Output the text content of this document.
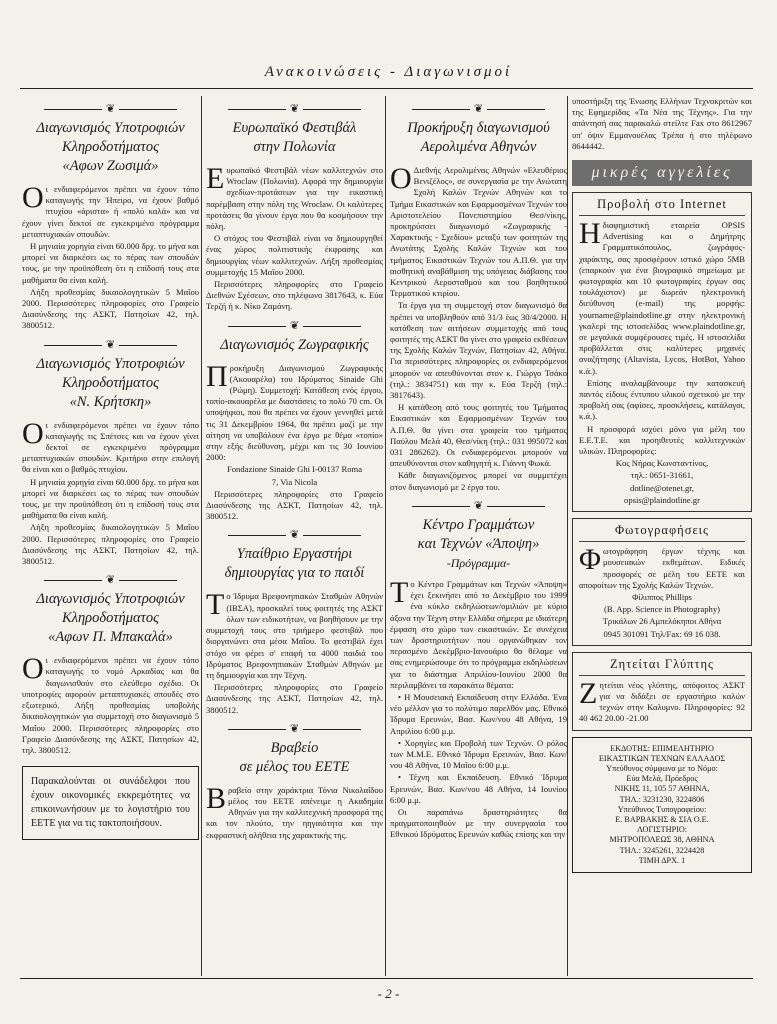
Ανακοινώσεις - Διαγωνισμοί
❦
Διαγωνισμός Υποτροφιών
Κληροδοτήματος
«Αφων Ζωσιμά»

Οι ενδιαφερόμενοι πρέπει να έχουν τόπο καταγωγής την Ήπειρο, να έχουν βαθμό πτυχίου «άριστα» ή «πολύ καλά» και να έχουν γίνει δεκτοί σε εγκεκριμένο πρόγραμμα μεταπτυχιακών σπουδών.

Η μηνιαία χορηγία είναι 60.000 δρχ. το μήνα και μπορεί να διαρκέσει ως το πέρας των σπουδών τους, με την προϋπόθεση ότι η επίδοσή τους στα μαθήματα θα είναι καλή.

Λήξη προθεσμίας δικαιολογητικών 5 Μαΐου 2000. Περισσότερες πληροφορίες στο Γραφείο Διασύνδεσης της ΑΣΚΤ, Πατησίων 42, τηλ. 3800512.

❦
Διαγωνισμός Υποτροφιών
Κληροδοτήματος
«Ν. Κρήτσκη»

Οι ενδιαφερόμενοι πρέπει να έχουν τόπο καταγωγής τις Σπέτσες και να έχουν γίνει δεκτοί σε εγκεκριμένο πρόγραμμα μεταπτυχιακών σπουδών. Κριτήριο στην επιλογή θα είναι και ο βαθμός πτυχίου.

Η μηνιαία χορηγία είναι 60.000 δρχ. το μήνα και μπορεί να διαρκέσει ως το πέρας των σπουδών τους, με την προϋπόθεση ότι η επίδοσή τους στα μαθήματα θα είναι καλή.

Λήξη προθεσμίας δικαιολογητικών 5 Μαΐου 2000. Περισσότερες πληροφορίες στο Γραφείο Διασύνδεσης της ΑΣΚΤ, Πατησίων 42, τηλ. 3800512.

❦
Διαγωνισμός Υποτροφιών
Κληροδοτήματος
«Αφων Π. Μπακαλά»

Οι ενδιαφερόμενοι πρέπει να έχουν τόπο καταγωγής το νομό Αρκαδίας και θα διαγωνισθούν στο ελεύθερο σχέδιο. Οι υποτροφίες αφορούν μεταπτυχιακές σπουδές στο εξωτερικό. Λήξη προθεσμίας υποβολής δικαιολογητικών για συμμετοχή στο διαγωνισμό 5 Μαΐου 2000. Περισσότερες πληροφορίες στο Γραφείο Διασύνδεσης της ΑΣΚΤ, Πατησίων 42, τηλ. 3800512.

Παρακαλούνται οι συνάδελφοι που έχουν οικονομικές εκκρεμότητες να επικοινωνήσουν με το λογιστήριο του ΕΕΤΕ για να τις τακτοποιήσουν.
❦
Ευρωπαϊκό Φεστιβάλ
στην Πολωνία

Ευρωπαϊκό Φεστιβάλ νέων καλλιτεχνών στο Wroclaw (Πολωνία). Αφορά την δημιουργία σχεδίων-προτάσεων για την εικαστική παρέμβαση στην πόλη της Wroclaw. Οι καλύτερες προτάσεις θα γίνουν έργα που θα κοσμήσουν την πόλη.

Ο στόχος του Φεστιβάλ είναι να δημιουργηθεί ένας χώρος πολιτιστικής έκφρασης και δημιουργίας νέων καλλιτεχνών. Λήξη προθεσμίας συμμετοχής 15 Μαΐου 2000.

Περισσότερες πληροφορίες στο Γραφείο Διεθνών Σχέσεων, στο τηλέφωνο 3817643, κ. Εύα Τερζή ή κ. Νίκο Ζαμάνη.

❦
Διαγωνισμός Ζωγραφικής

Προκήρυξη Διαγωνισμού Ζωγραφικής (Ακουαρέλα) του Ιδρύματος Sinaide Ghi (Ρώμη). Συμμετοχή: Κατάθεση ενός έργου, τοπίο-ακουαρέλα με διαστάσεις το πολύ 70 cm. Οι υποψήφιοι, που θα πρέπει να έχουν γεννηθεί μετά τις 31 Δεκεμβρίου 1964, θα πρέπει μαζί με την αίτηση να υποβάλουν ένα έργο με θέμα «τοπίο» στην εξής διεύθυνση, μέχρι και τις 30 Ιουνίου 2000:

Fondazione Sinaide Ghi I-00137 Roma

7, Via Nicola

Περισσότερες πληροφορίες στο Γραφείο Διασύνδεσης της ΑΣΚΤ, Πατησίων 42, τηλ. 3800512.

❦
Υπαίθριο Εργαστήρι
δημιουργίας για το παιδί

Το Ίδρυμα Βρεφονηπιακών Σταθμών Αθηνών (ΙΒΣΑ), προσκαλεί τους φοιτητές της ΑΣΚΤ όλων των ειδικοτήτων, να βοηθήσουν με την συμμετοχή τους στο τριήμερο φεστιβάλ που διοργανώνει στα μέσα Μαΐου. Το φεστιβάλ έχει στόχο να φέρει σ' επαφή τα 4000 παιδιά του Ιδρύματος Βρεφονηπιακών Σταθμών Αθηνών με τη δημιουργία και την Τέχνη.

Περισσότερες πληροφορίες στο Γραφείο Διασύνδεσης της ΑΣΚΤ, Πατησίων 42, τηλ. 3800512.

❦
Βραβείο
σε μέλος του ΕΕΤΕ

Βραβείο στην χαράκτρια Τόνια Νικολαΐδου μέλος του ΕΕΤΕ απένειμε η Ακαδημία Αθηνών για την καλλιτεχνική προσφορά της και τον πλούτο, την ηηγαιότητα και την εκφραστική αλήθεια της χαρακτικής της.

❦
Προκήρυξη διαγωνισμού
Αερολιμένα Αθηνών

Ο Διεθνής Αερολιμένας Αθηνών «Ελευθέριος Βενιζέλος», σε συνεργασία με την Ανώτατη Σχολή Καλών Τεχνών Αθηνών και το Τμήμα Εικαστικών και Εφαρμοσμένων Τεχνών του Αριστοτελείου Πανεπιστημίου Θεσ/νίκης, προκηρύσσει διαγωνισμό «Ζωγραφικής - Χαρακτικής - Σχεδίου» μεταξύ των φοιτητών της Ανωτάτης Σχολής Καλών Τεχνών και του τμήματος Εικαστικών Τεχνών του Α.Π.Θ. για την αισθητική αναβάθμιση της υπόγειας διάβασης του Κεντρικού Αεροσταθμού και του βοηθητικού Τερματικού κτιρίου.

Τα έργα για τη συμμετοχή στον διαγωνισμό θα πρέπει να υποβληθούν από 31/3 έως 30/4/2000. Η κατάθεση των αιτήσεων συμμετοχής από τους φοιτητές της ΑΣΚΤ θα γίνει στο γραφείο εκθέσεων της Σχολής Καλών Τεχνών, Πατησίων 42, Αθήνα. Για περισσότερες πληροφορίες οι ενδιαφερόμενοι μπορούν να απευθύνονται στον κ. Γιώργο Τσάκο (τηλ.: 3834751) και την κ. Εύα Τερζή (τηλ.: 3817643).

Η κατάθεση από τους φοιτητές του Τμήματος Εικαστικών και Εφαρμοσμένων Τεχνών του Α.Π.Θ. θα γίνει στα γραφεία του τμήματος Παύλου Μελά 40, Θεσ/νίκη (τηλ.: 031 995072 και 031 286262). Οι ενδιαφερόμενοι μπορούν να απευθύνονται στον καθηγητή κ. Γιάννη Φωκά.

Κάθε διαγωνιζόμενος μπορεί να συμμετέχει στον διαγωνισμό με 2 έργα του.

❦
Κέντρο Γραμμάτων
και Τεχνών «Άποψη»
-Πρόγραμμα-

Το Κέντρο Γραμμάτων και Τεχνών «Άποψη» έχει ξεκινήσει από το Δεκέμβριο του 1999 ένα κύκλο εκδηλώσεων/ομιλιών με κύριο άξονα την Τέχνη στην Ελλάδα σήμερα με ιδιαίτερη έμφαση στο χώρο των εικαστικών. Σε συνέχεια των δραστηριοτήτων που οργανώθηκαν τον περασμένο Δεκέμβριο-Ιανουάριο θα θέλαμε να σας ενημερώσουμε ότι το πρόγραμμα εκδηλώσεων για το διάστημα Απριλίου-Ιουνίου 2000 θα περιλαμβάνει τα παρακάτω θέματα:

• Η Μουσειακή Εκπαίδευση στην Ελλάδα. Ένα νέο μέλλον για το πολύτιμο παρελθόν μας. Εθνικό Ίδρυμα Ερευνών, Βασ. Κων/νου 48 Αθήνα, 19 Απριλίου 6:00 μ.μ.

• Χορηγίες και Προβολή των Τεχνών. Ο ρόλος των Μ.Μ.Ε. Εθνικό Ίδρυμα Ερευνών, Βασ. Κων/νου 48 Αθήνα, 10 Μαΐου 6:00 μ.μ.

• Τέχνη και Εκπαίδευση. Εθνικό Ίδρυμα Ερευνών, Βασ. Κων/νου 48 Αθήνα, 14 Ιουνίου 6:00 μ.μ.

Οι παραπάνω δραστηριότητες θα πραγματοποιηθούν με την συνεργασία του Εθνικού Ιδρύματος Ερευνών καθώς επίσης και την

υποστήριξη της Ένωσης Ελλήνων Τεχνοκριτών και της Εφημερίδας «Τα Νέα της Τέχνης». Για την απάντησή σας παρακαλώ στείλτε Fax στο 8612967 υπ' όψιν Εμμανουέλας Τρέπα ή στο τηλέφωνο 8644442.

μικρές αγγελίες
Προβολή στο Internet

Ηδιαφημιστική εταιρεία OPSIS Advertising και ο Δημήτρης Γραμματικόπουλος, ζωγράφος-χαράκτης, σας προσφέρουν ιστικό χώρο 5MB (επαρκούν για ένα βιογραφικό σημείωμα με φωτογραφία και 10 φωτογραφίες έργων σας τουλάχιστον) με δωρεάν ηλεκτρονική διεύθυνση (e-mail) της μορφής: yourname@plaindotline.gr στην ηλεκτρονική γκαλερί της ιστοσελίδας www.plaindotline.gr, σε μεγαλικά συμφέρουσες τιμές. Η ιστοσελίδα προβάλλεται στις καλύτερες μηχανές αναζήτησης (Altavista, Lycos, HotBot, Yahoo κ.ά.).

Επίσης αναλαμβάνουμε την κατασκευή παντός είδους έντυπου υλικού σχετικού με την προβολή σας (αφίσες, προσκλήσεις, κατάλογοι, κ.ά.).

Η προσφορά ισχύει μόνο για μέλη του Ε.Ε.Τ.Ε. και προηιθευτές καλλιτεχνικών υλικών. Πληροφορίες:

Κος Νήρας Κωνσταντίνος,

τηλ.: 0651-31661,

dotline@otenet.gr,

opsis@plaindotline.gr

Φωτογραφήσεις

Φωτογράφηση έργων τέχνης και μουσειακών εκθεμάτων. Ειδικές προσφορές σε μέλη του ΕΕΤΕ και αποφοίτων της Σχολής Καλών Τεχνών.

Φίλιππος Phillips

(B. App. Science in Photography)

Τρικάλων 26 Αμπελόκηποι Αθήνα

0945 301091 Τηλ/Fax: 69 16 038.

Ζητείται Γλύπτης

Ζητείται νέος γλύπτης, απόφοιτος ΑΣΚΤ για να διδάξει σε εργαστήριο καλών τεχνών στην Καλυμνο. Πληροφορίες: 92 40 462 20.00 -21.00

ΕΚΔΟΤΗΣ: ΕΠΙΜΕΛΗΤΗΡΙΟ
ΕΙΚΑΣΤΙΚΩΝ ΤΕΧΝΩΝ ΕΛΛΑΔΟΣ
Υπεύθυνος σύμφωνα με το Νόμο:
Εύα Μελά, Πρόεδρος
ΝΙΚΗΣ 11, 105 57 ΑΘΗΝΑ,
ΤΗΛ.: 3231230, 3224806
Υπεύθυνος Τυπογραφείου:
Ε. ΒΑΡΒΑΚΗΣ & ΣΙΑ Ο.Ε.
ΛΟΓΙΣΤΗΡΙΟ:
ΜΗΤΡΟΠΟΛΕΩΣ 38, ΑΘΗΝΑ
ΤΗΛ.: 3245261, 3224428
ΤΙΜΗ ΔΡΧ. 1
- 2 -
